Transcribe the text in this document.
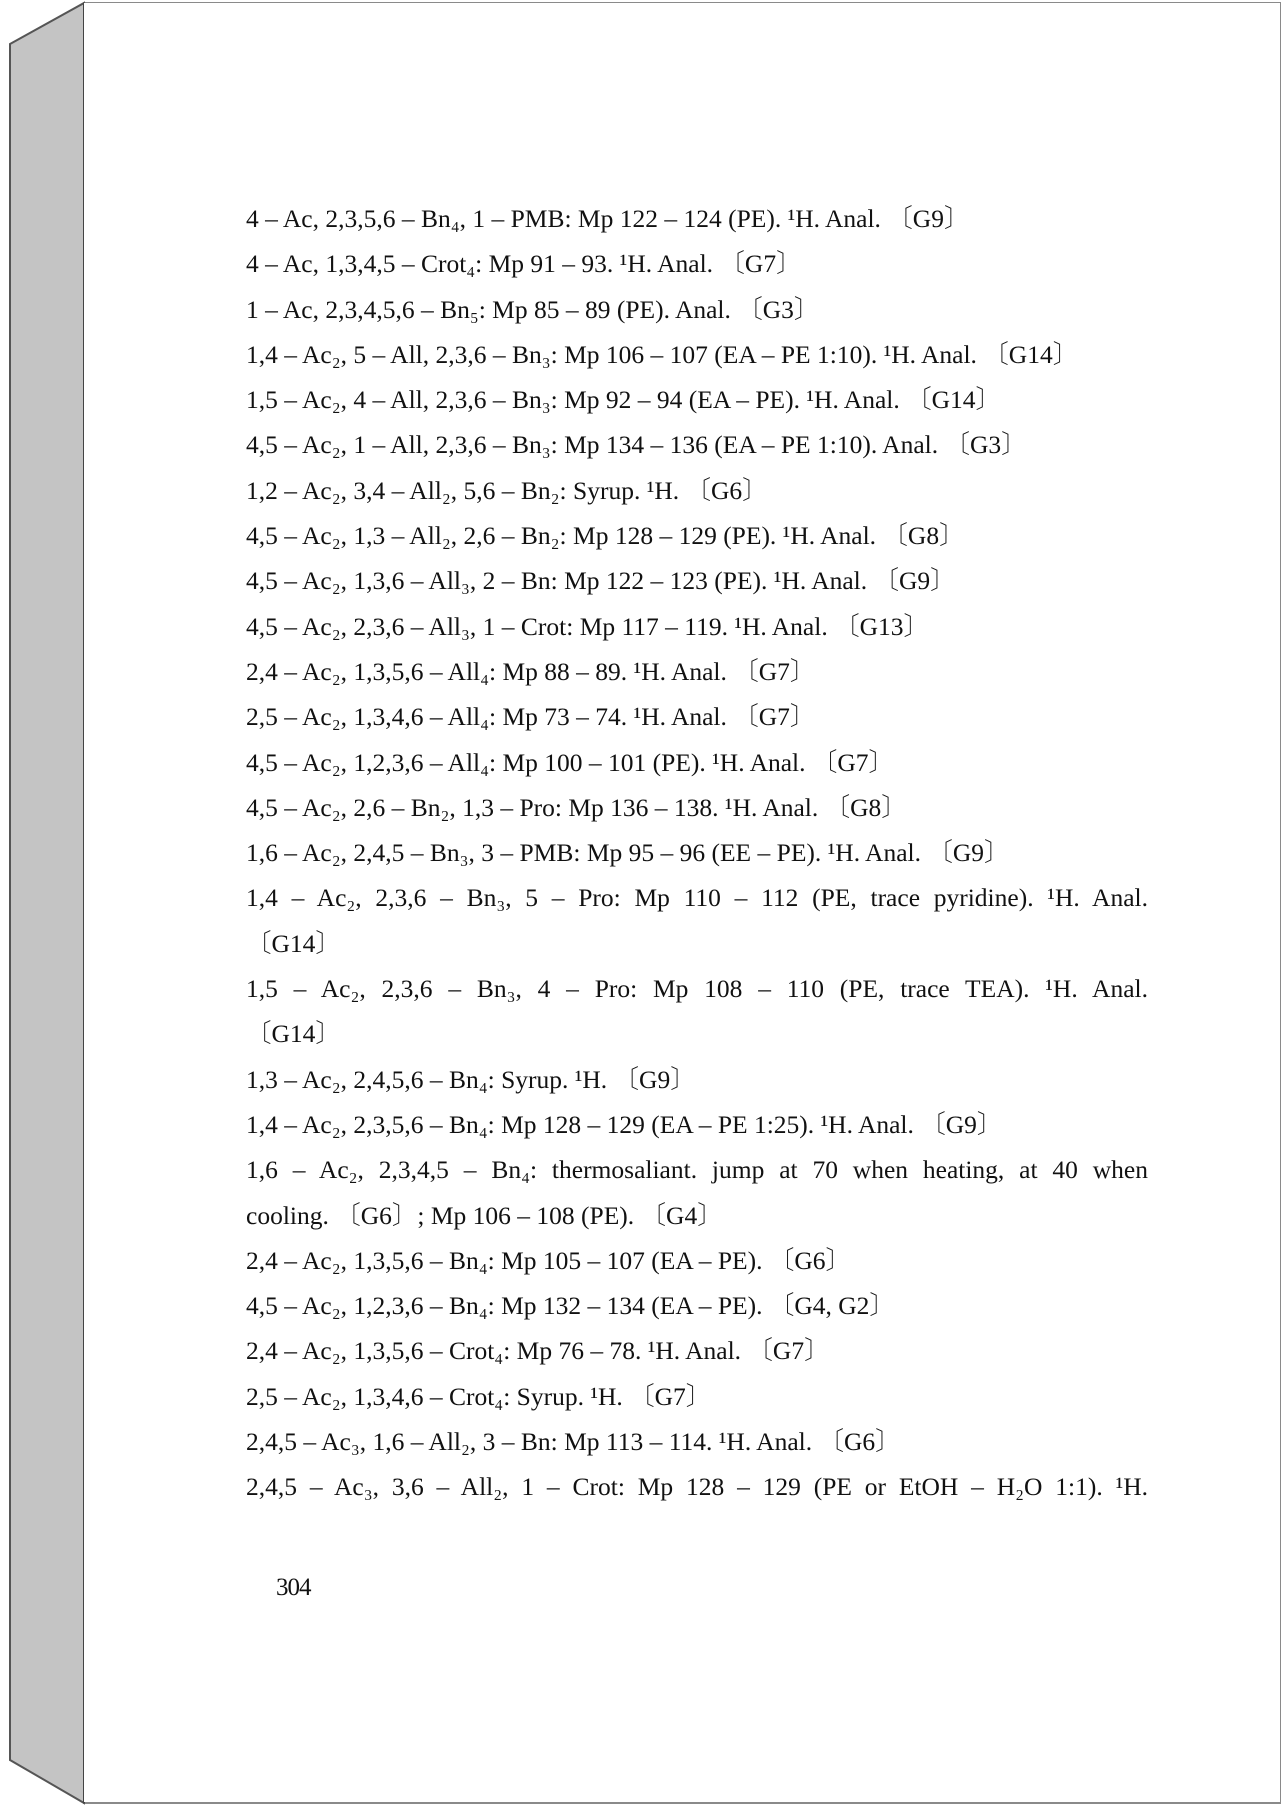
4 – Ac, 2,3,5,6 – Bn₄, 1 – PMB: Mp 122 – 124 (PE). ¹H. Anal. 〔G9〕
4 – Ac, 1,3,4,5 – Crot₄: Mp 91 – 93. ¹H. Anal. 〔G7〕
1 – Ac, 2,3,4,5,6 – Bn₅: Mp 85 – 89 (PE). Anal. 〔G3〕
1,4 – Ac₂, 5 – All, 2,3,6 – Bn₃: Mp 106 – 107 (EA – PE 1:10). ¹H. Anal. 〔G14〕
1,5 – Ac₂, 4 – All, 2,3,6 – Bn₃: Mp 92 – 94 (EA – PE). ¹H. Anal. 〔G14〕
4,5 – Ac₂, 1 – All, 2,3,6 – Bn₃: Mp 134 – 136 (EA – PE 1:10). Anal. 〔G3〕
1,2 – Ac₂, 3,4 – All₂, 5,6 – Bn₂: Syrup. ¹H. 〔G6〕
4,5 – Ac₂, 1,3 – All₂, 2,6 – Bn₂: Mp 128 – 129 (PE). ¹H. Anal. 〔G8〕
4,5 – Ac₂, 1,3,6 – All₃, 2 – Bn: Mp 122 – 123 (PE). ¹H. Anal. 〔G9〕
4,5 – Ac₂, 2,3,6 – All₃, 1 – Crot: Mp 117 – 119. ¹H. Anal. 〔G13〕
2,4 – Ac₂, 1,3,5,6 – All₄: Mp 88 – 89. ¹H. Anal. 〔G7〕
2,5 – Ac₂, 1,3,4,6 – All₄: Mp 73 – 74. ¹H. Anal. 〔G7〕
4,5 – Ac₂, 1,2,3,6 – All₄: Mp 100 – 101 (PE). ¹H. Anal. 〔G7〕
4,5 – Ac₂, 2,6 – Bn₂, 1,3 – Pro: Mp 136 – 138. ¹H. Anal. 〔G8〕
1,6 – Ac₂, 2,4,5 – Bn₃, 3 – PMB: Mp 95 – 96 (EE – PE). ¹H. Anal. 〔G9〕
1,4 – Ac₂, 2,3,6 – Bn₃, 5 – Pro: Mp 110 – 112 (PE, trace pyridine). ¹H. Anal.
〔G14〕
1,5 – Ac₂, 2,3,6 – Bn₃, 4 – Pro: Mp 108 – 110 (PE, trace TEA). ¹H. Anal.
〔G14〕
1,3 – Ac₂, 2,4,5,6 – Bn₄: Syrup. ¹H. 〔G9〕
1,4 – Ac₂, 2,3,5,6 – Bn₄: Mp 128 – 129 (EA – PE 1:25). ¹H. Anal. 〔G9〕
1,6 – Ac₂, 2,3,4,5 – Bn₄: thermosaliant. jump at 70 when heating, at 40 when
cooling. 〔G6〕; Mp 106 – 108 (PE). 〔G4〕
2,4 – Ac₂, 1,3,5,6 – Bn₄: Mp 105 – 107 (EA – PE). 〔G6〕
4,5 – Ac₂, 1,2,3,6 – Bn₄: Mp 132 – 134 (EA – PE). 〔G4, G2〕
2,4 – Ac₂, 1,3,5,6 – Crot₄: Mp 76 – 78. ¹H. Anal. 〔G7〕
2,5 – Ac₂, 1,3,4,6 – Crot₄: Syrup. ¹H. 〔G7〕
2,4,5 – Ac₃, 1,6 – All₂, 3 – Bn: Mp 113 – 114. ¹H. Anal. 〔G6〕
2,4,5 – Ac₃, 3,6 – All₂, 1 – Crot: Mp 128 – 129 (PE or EtOH – H₂O 1:1). ¹H.
304
